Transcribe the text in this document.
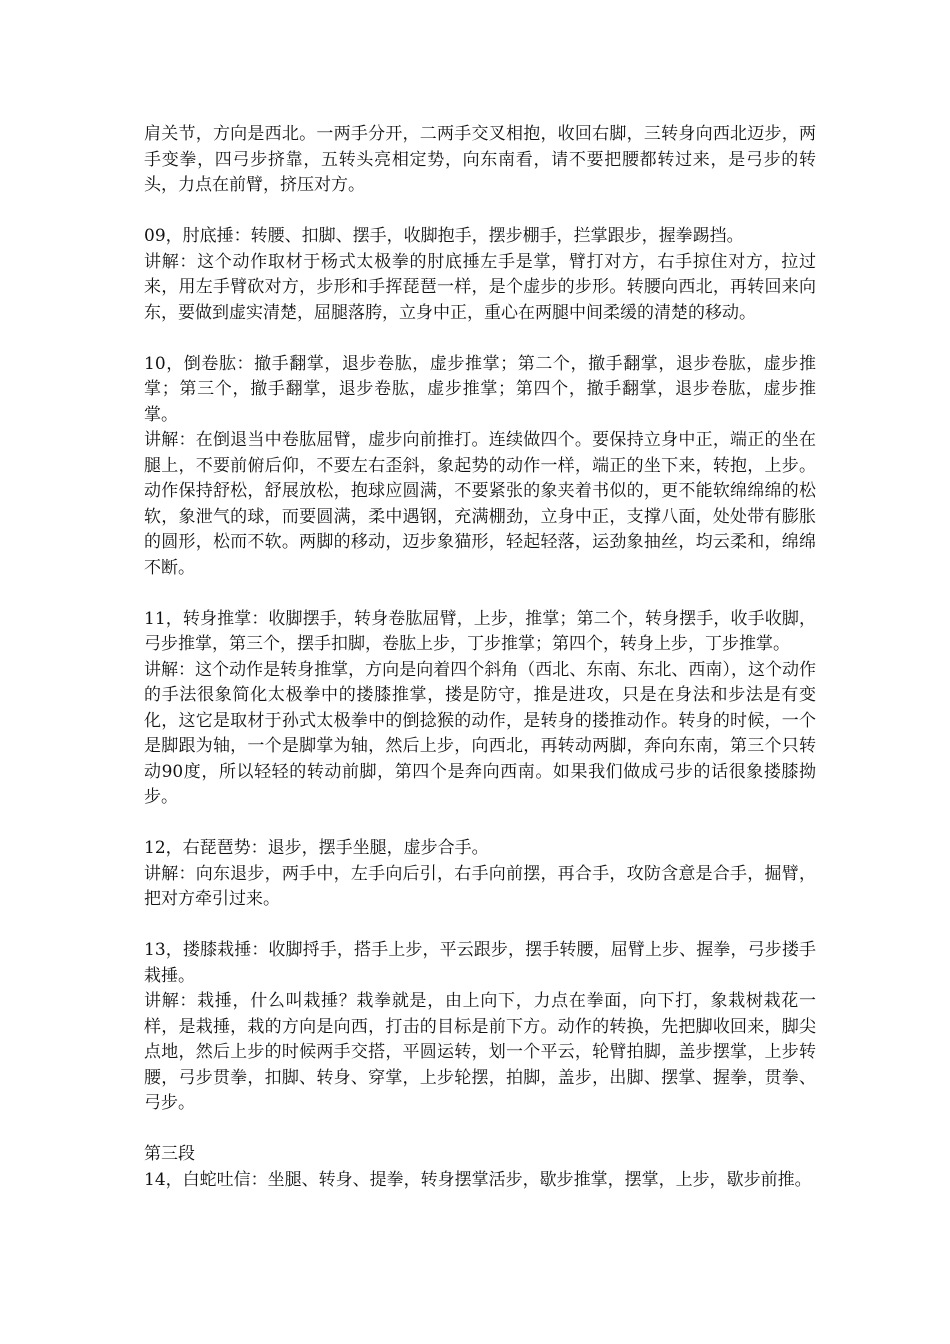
肩关节，方向是西北。一两手分开，二两手交叉相抱，收回右脚，三转身向西北迈步，两手变拳，四弓步挤靠，五转头亮相定势，向东南看，请不要把腰都转过来，是弓步的转头，力点在前臂，挤压对方。

09，肘底捶：转腰、扣脚、摆手，收脚抱手，摆步棚手，拦掌跟步，握拳踢挡。

讲解：这个动作取材于杨式太极拳的肘底捶左手是掌，臂打对方，右手掠住对方，拉过来，用左手臂砍对方，步形和手挥琵琶一样，是个虚步的步形。转腰向西北，再转回来向东，要做到虚实清楚，屈腿落胯，立身中正，重心在两腿中间柔缓的清楚的移动。

10，倒卷肱：撤手翻掌，退步卷肱，虚步推掌；第二个，撤手翻掌，退步卷肱，虚步推掌；第三个，撤手翻掌，退步卷肱，虚步推掌；第四个，撤手翻掌，退步卷肱，虚步推掌。

讲解：在倒退当中卷肱屈臂，虚步向前推打。连续做四个。要保持立身中正，端正的坐在腿上，不要前俯后仰，不要左右歪斜，象起势的动作一样，端正的坐下来，转抱，上步。动作保持舒松，舒展放松，抱球应圆满，不要紧张的象夹着书似的，更不能软绵绵绵的松软，象泄气的球，而要圆满，柔中遇钢，充满棚劲，立身中正，支撑八面，处处带有膨胀的圆形，松而不软。两脚的移动，迈步象猫形，轻起轻落，运劲象抽丝，均云柔和，绵绵不断。

11，转身推掌：收脚摆手，转身卷肱屈臂，上步，推掌；第二个，转身摆手，收手收脚，弓步推掌，第三个，摆手扣脚，卷肱上步，丁步推掌；第四个，转身上步，丁步推掌。

讲解：这个动作是转身推掌，方向是向着四个斜角（西北、东南、东北、西南），这个动作的手法很象简化太极拳中的搂膝推掌，搂是防守，推是进攻，只是在身法和步法是有变化，这它是取材于孙式太极拳中的倒捻猴的动作，是转身的搂推动作。转身的时候，一个是脚跟为轴，一个是脚掌为轴，然后上步，向西北，再转动两脚，奔向东南，第三个只转动90度，所以轻轻的转动前脚，第四个是奔向西南。如果我们做成弓步的话很象搂膝拗步。

12，右琵琶势：退步，摆手坐腿，虚步合手。

讲解：向东退步，两手中，左手向后引，右手向前摆，再合手，攻防含意是合手，掘臂，把对方牵引过来。

13，搂膝栽捶：收脚捋手，搭手上步，平云跟步，摆手转腰，屈臂上步、握拳，弓步搂手栽捶。

讲解：栽捶，什么叫栽捶？栽拳就是，由上向下，力点在拳面，向下打，象栽树栽花一样，是栽捶，栽的方向是向西，打击的目标是前下方。动作的转换，先把脚收回来，脚尖点地，然后上步的时候两手交搭，平圆运转，划一个平云，轮臂拍脚，盖步摆掌，上步转腰，弓步贯拳，扣脚、转身、穿掌，上步轮摆，拍脚，盖步，出脚、摆掌、握拳，贯拳、弓步。

第三段

14，白蛇吐信：坐腿、转身、提拳，转身摆掌活步，歇步推掌，摆掌，上步，歇步前推。
